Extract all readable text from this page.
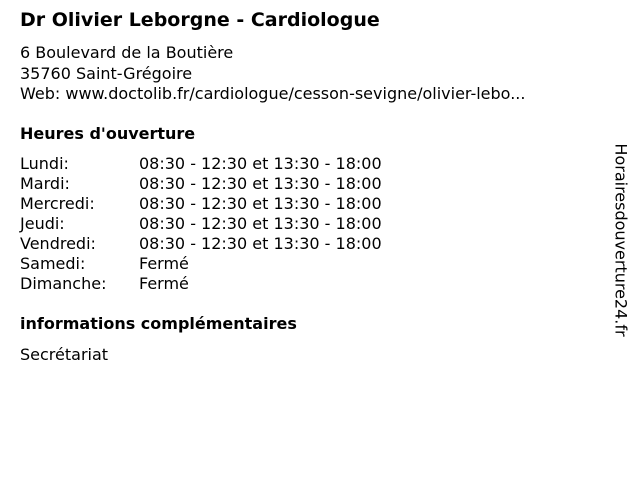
Dr Olivier Leborgne - Cardiologue
6 Boulevard de la Boutière
35760 Saint-Grégoire
Web: www.doctolib.fr/cardiologue/cesson-sevigne/olivier-lebo...
Heures d'ouverture
Lundi:	08:30 - 12:30 et 13:30 - 18:00
Mardi:	08:30 - 12:30 et 13:30 - 18:00
Mercredi:	08:30 - 12:30 et 13:30 - 18:00
Jeudi:	08:30 - 12:30 et 13:30 - 18:00
Vendredi:	08:30 - 12:30 et 13:30 - 18:00
Samedi:	Fermé
Dimanche:	Fermé
informations complémentaires
Secrétariat
Horairesdouverture24.fr
